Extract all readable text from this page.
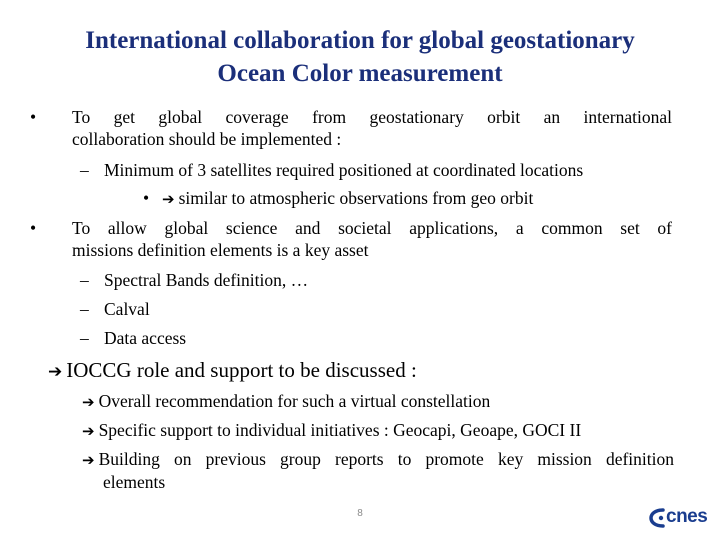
International collaboration for global geostationary
Ocean Color measurement
• To get global coverage from geostationary orbit an international
collaboration should be implemented :
– Minimum of 3 satellites required positioned at coordinated locations
• ➔ similar to atmospheric observations from geo orbit
• To allow global science and societal applications, a common set of
missions definition elements is a key asset
– Spectral Bands definition, …
– Calval
– Data access
➔ IOCCG role and support to be discussed :
➔ Overall recommendation for such a virtual constellation
➔ Specific support to individual initiatives : Geocapi, Geoape, GOCI II
➔ Building on previous group reports to promote key mission definition
elements
8	cnes
